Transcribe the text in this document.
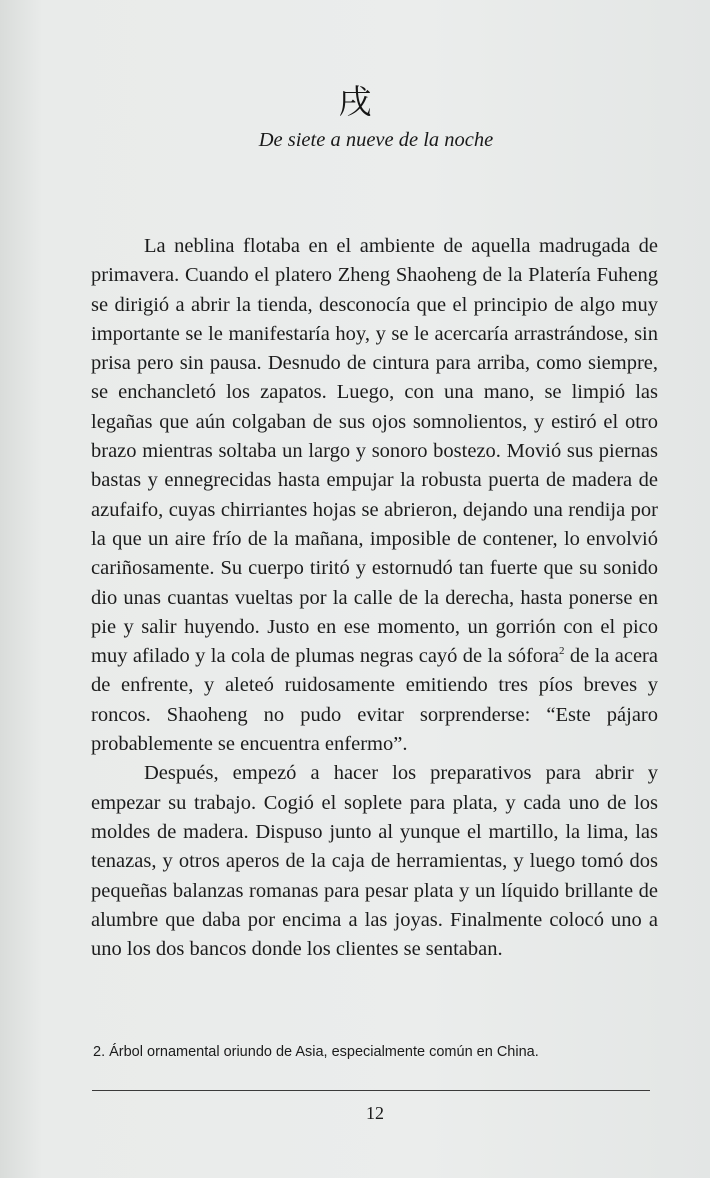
戌
De siete a nueve de la noche

La neblina flotaba en el ambiente de aquella madrugada de primavera. Cuando el platero Zheng Shaoheng de la Platería Fuheng se dirigió a abrir la tienda, desconocía que el principio de algo muy importante se le manifestaría hoy, y se le acercaría arrastrándose, sin prisa pero sin pausa. Desnudo de cintura para arriba, como siempre, se enchancletó los zapatos. Luego, con una mano, se limpió las legañas que aún colgaban de sus ojos somnolientos, y estiró el otro brazo mientras soltaba un largo y sonoro bostezo. Movió sus piernas bastas y ennegrecidas hasta empujar la robusta puerta de madera de azufaifo, cuyas chirriantes hojas se abrieron, dejando una rendija por la que un aire frío de la mañana, imposible de contener, lo envolvió cariñosamente. Su cuerpo tiritó y estornudó tan fuerte que su sonido dio unas cuantas vueltas por la calle de la derecha, hasta ponerse en pie y salir huyendo. Justo en ese momento, un gorrión con el pico muy afilado y la cola de plumas negras cayó de la sófora$^2$ de la acera de enfrente, y aleteó ruidosamente emitiendo tres píos breves y roncos. Shaoheng no pudo evitar sorprenderse: “Este pájaro probablemente se encuentra enfermo”.

Después, empezó a hacer los preparativos para abrir y empezar su trabajo. Cogió el soplete para plata, y cada uno de los moldes de madera. Dispuso junto al yunque el martillo, la lima, las tenazas, y otros aperos de la caja de herramientas, y luego tomó dos pequeñas balanzas romanas para pesar plata y un líquido brillante de alumbre que daba por encima a las joyas. Finalmente colocó uno a uno los dos bancos donde los clientes se sentaban.

2. Árbol ornamental oriundo de Asia, especialmente común en China.
12
